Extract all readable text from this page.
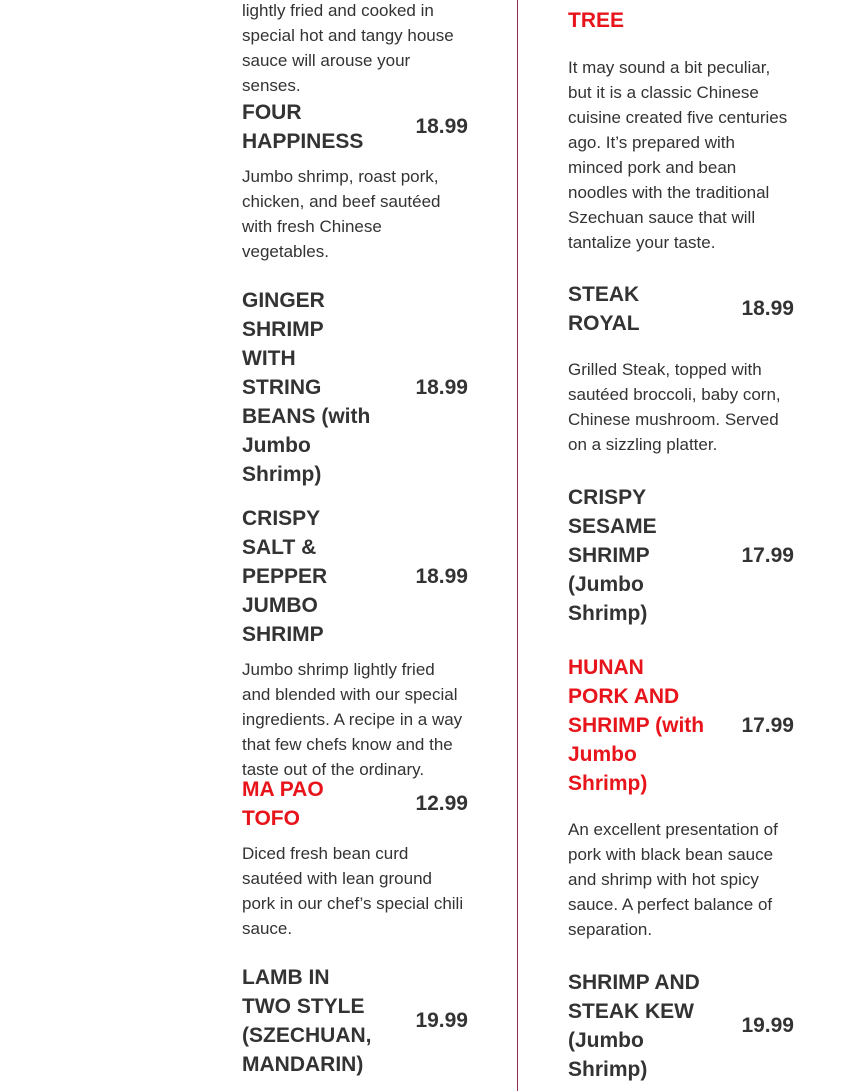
lightly fried and cooked in special hot and tangy house sauce will arouse your senses.
FOUR HAPPINESS
18.99
Jumbo shrimp, roast pork, chicken, and beef sautéed with fresh Chinese vegetables.
GINGER SHRIMP WITH STRING BEANS (with Jumbo Shrimp)
18.99
CRISPY SALT & PEPPER JUMBO SHRIMP
18.99
Jumbo shrimp lightly fried and blended with our special ingredients. A recipe in a way that few chefs know and the taste out of the ordinary.
MA PAO TOFO
12.99
Diced fresh bean curd sautéed with lean ground pork in our chef’s special chili sauce.
LAMB IN TWO STYLE (SZECHUAN, MANDARIN)
19.99
TREE
It may sound a bit peculiar, but it is a classic Chinese cuisine created five centuries ago. It’s prepared with minced pork and bean noodles with the traditional Szechuan sauce that will tantalize your taste.
STEAK ROYAL
18.99
Grilled Steak, topped with sautéed broccoli, baby corn, Chinese mushroom. Served on a sizzling platter.
CRISPY SESAME SHRIMP (Jumbo Shrimp)
17.99
HUNAN PORK AND SHRIMP (with Jumbo Shrimp)
17.99
An excellent presentation of pork with black bean sauce and shrimp with hot spicy sauce. A perfect balance of separation.
SHRIMP AND STEAK KEW (Jumbo Shrimp)
19.99
